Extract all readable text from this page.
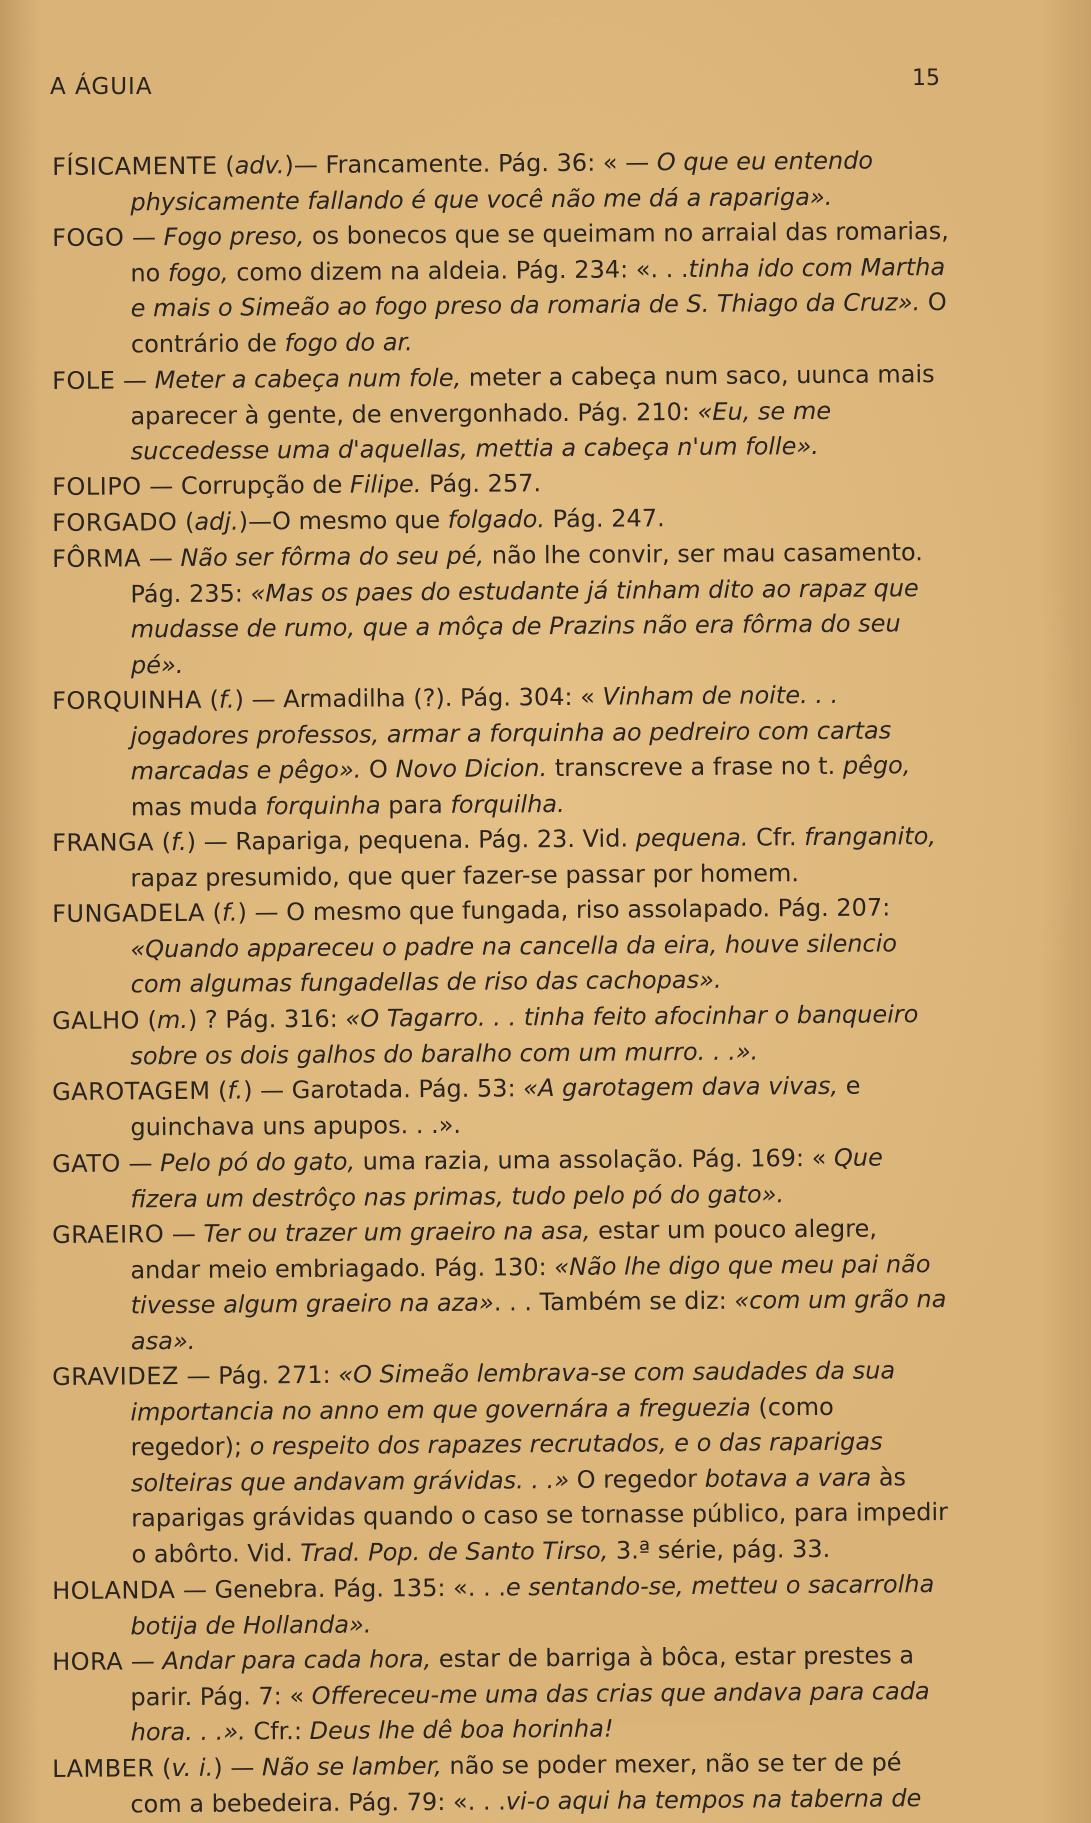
A ÁGUIA	15
FÍSICAMENTE (adv.)— Francamente. Pág. 36: « — O que eu entendo physicamente fallando é que você não me dá a rapariga».
FOGO — Fogo preso, os bonecos que se queimam no arraial das romarias, no fogo, como dizem na aldeia. Pág. 234: «. . .tinha ido com Martha e mais o Simeão ao fogo preso da romaria de S. Thiago da Cruz». O contrário de fogo do ar.
FOLE — Meter a cabeça num fole, meter a cabeça num saco, uunca mais aparecer à gente, de envergonhado. Pág. 210: «Eu, se me succedesse uma d'aquellas, mettia a cabeça n'um folle».
FOLIPO — Corrupção de Filipe. Pág. 257.
FORGADO (adj.)—O mesmo que folgado. Pág. 247.
FÔRMA — Não ser fôrma do seu pé, não lhe convir, ser mau casamento. Pág. 235: «Mas os paes do estudante já tinham dito ao rapaz que mudasse de rumo, que a môça de Prazins não era fôrma do seu pé».
FORQUINHA (f.) — Armadilha (?). Pág. 304: « Vinham de noite. . . jogadores professos, armar a forquinha ao pedreiro com cartas marcadas e pêgo». O Novo Dicion. transcreve a frase no t. pêgo, mas muda forquinha para forquilha.
FRANGA (f.) — Rapariga, pequena. Pág. 23. Vid. pequena. Cfr. franganito, rapaz presumido, que quer fazer-se passar por homem.
FUNGADELA (f.) — O mesmo que fungada, riso assolapado. Pág. 207: «Quando appareceu o padre na cancella da eira, houve silencio com algumas fungadellas de riso das cachopas».
GALHO (m.) ? Pág. 316: «O Tagarro. . . tinha feito afocinhar o banqueiro sobre os dois galhos do baralho com um murro. . .».
GAROTAGEM (f.) — Garotada. Pág. 53: «A garotagem dava vivas, e guinchava uns apupos. . .».
GATO — Pelo pó do gato, uma razia, uma assolação. Pág. 169: « Que fizera um destrôço nas primas, tudo pelo pó do gato».
GRAEIRO — Ter ou trazer um graeiro na asa, estar um pouco alegre, andar meio embriagado. Pág. 130: «Não lhe digo que meu pai não tivesse algum graeiro na aza». . . Também se diz: «com um grão na asa».
GRAVIDEZ — Pág. 271: «O Simeão lembrava-se com saudades da sua importancia no anno em que governára a freguezia (como regedor); o respeito dos rapazes recrutados, e o das raparigas solteiras que andavam grávidas. . .» O regedor botava a vara às raparigas grávidas quando o caso se tornasse público, para impedir o abôrto. Vid. Trad. Pop. de Santo Tirso, 3.ª série, pág. 33.
HOLANDA — Genebra. Pág. 135: «. . .e sentando-se, metteu o sacarrolha botija de Hollanda».
HORA — Andar para cada hora, estar de barriga à bôca, estar prestes a parir. Pág. 7: « Offereceu-me uma das crias que andava para cada hora. . .». Cfr.: Deus lhe dê boa horinha!
LAMBER (v. i.) — Não se lamber, não se poder mexer, não se ter de pé com a bebedeira. Pág. 79: «. . .vi-o aqui ha tempos na taberna de
